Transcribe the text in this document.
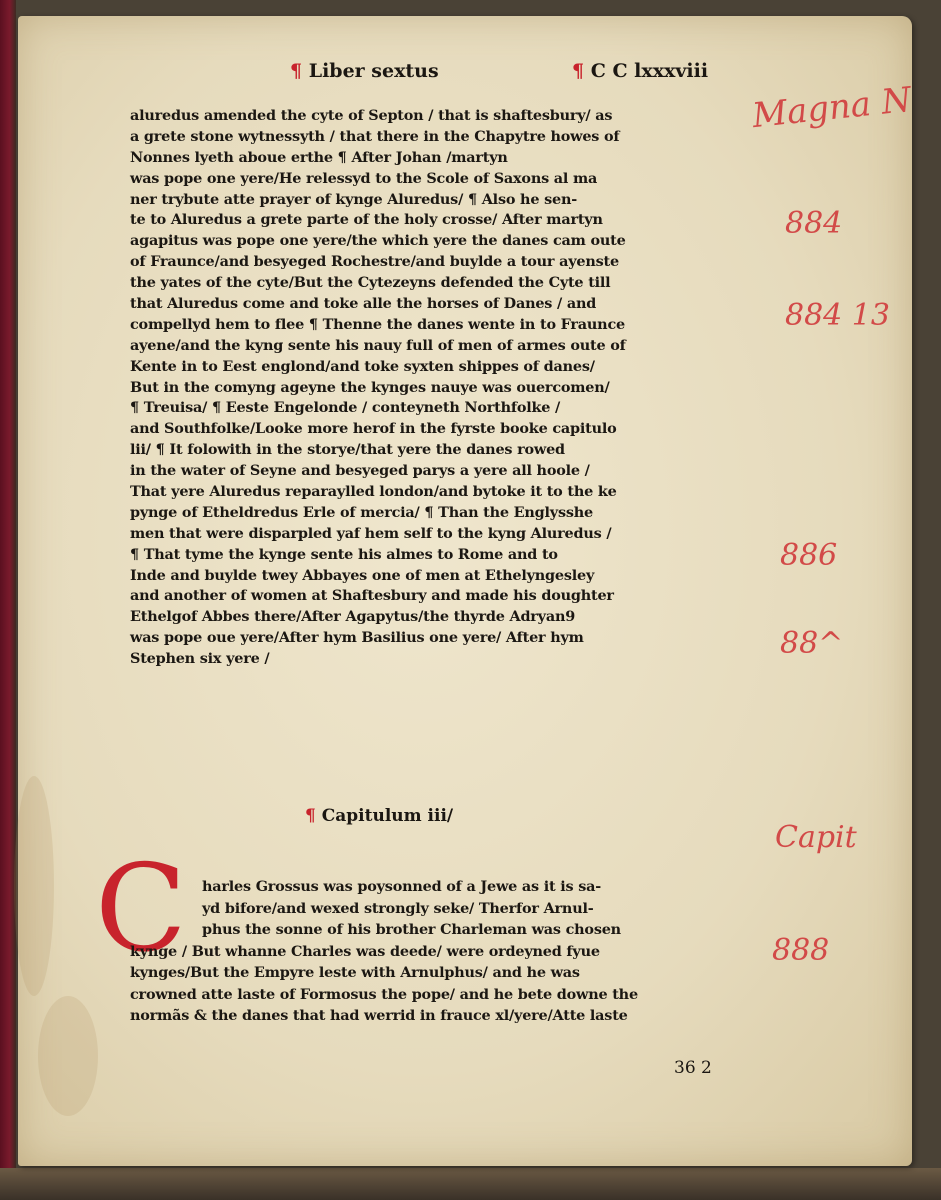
¶ Liber sextus	¶ C C lxxxviii
aluredus amended the cyte of Septon / that is shaftesbury/ as
a grete stone wytnessyth / that there in the Chapytre howes of
Nonnes lyeth aboue erthe ¶ After Johan /martyn
was pope one yere/He relessyd to the Scole of Saxons al ma
ner trybute atte prayer of kynge Aluredus/ ¶ Also he sen-
te to Aluredus a grete parte of the holy crosse/ After martyn
agapitus was pope one yere/the which yere the danes cam oute
of Fraunce/and besyeged Rochestre/and buylde a tour ayenste
the yates of the cyte/But the Cytezeyns defended the Cyte till
that Aluredus come and toke alle the horses of Danes / and
compellyd hem to flee ¶ Thenne the danes wente in to Fraunce
ayene/and the kyng sente his nauy full of men of armes oute of
Kente in to Eest englond/and toke syxten shippes of danes/
But in the comyng ageyne the kynges nauye was ouercomen/
¶ Treuisa/ ¶ Eeste Engelonde / conteyneth Northfolke /
and Southfolke/Looke more herof in the fyrste booke capitulo
lii/ ¶ It folowith in the storye/that yere the danes rowed
in the water of Seyne and besyeged parys a yere all hoole /
That yere Aluredus reparaylled london/and bytoke it to the ke
pynge of Etheldredus Erle of mercia/ ¶ Than the Englysshe
men that were disparpled yaf hem self to the kyng Aluredus /
¶ That tyme the kynge sente his almes to Rome and to
Inde and buylde twey Abbayes one of men at Ethelyngesley
and another of women at Shaftesbury and made his doughter
Ethelgof Abbes there/After Agapytus/the thyrde Adryan9
was pope oue yere/After hym Basilius one yere/ After hym
Stephen six yere /
¶ Capitulum iii/
C	harles Grossus was poysonned of a Jewe as it is sa-
yd bifore/and wexed strongly seke/ Therfor Arnul-
phus the sonne of his brother Charleman was chosen
kynge / But whanne Charles was deede/ were ordeyned fyue
kynges/But the Empyre leste with Arnulphus/ and he was
crowned atte laste of Formosus the pope/ and he bete downe the
normãs & the danes that had werrid in frauce xl/yere/Atte laste
36 2
Magna N
884
884 13
886
88^
Capit
888
